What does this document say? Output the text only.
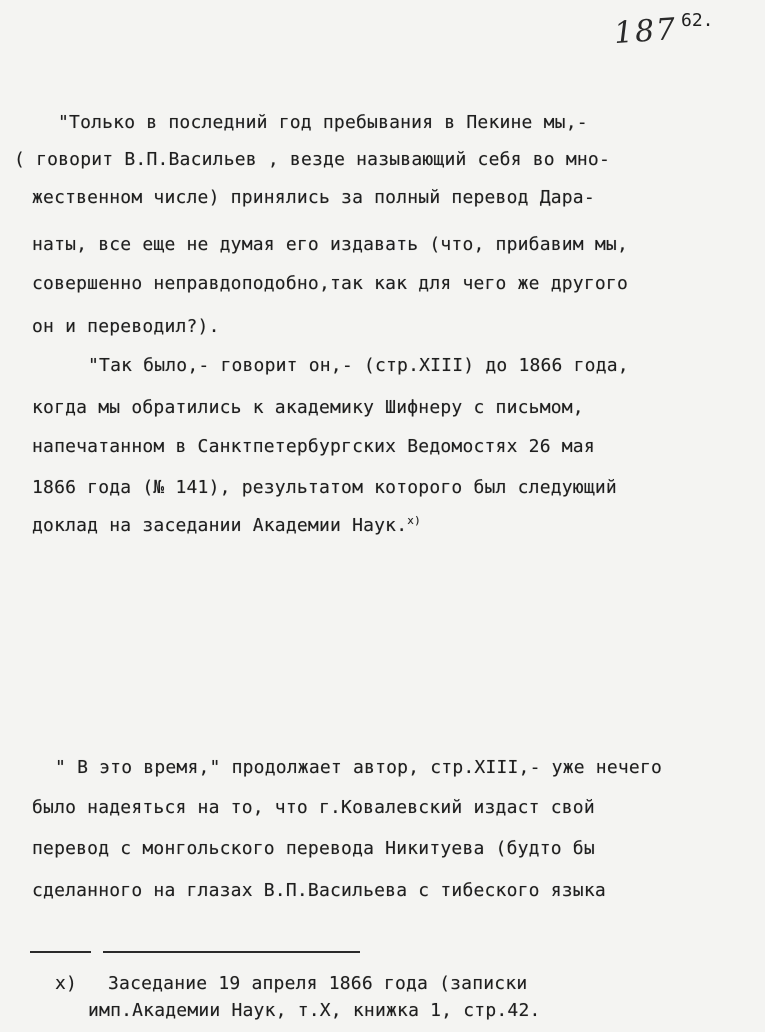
187 62.
"Только в последний год пребывания в Пекине мы,-
( говорит В.П.Васильев , везде называющий себя во мно-
жественном числе) принялись за полный перевод Дара-
наты, все еще не думая его издавать (что, прибавим мы,
совершенно неправдоподобно,так как для чего же другого
он и переводил?).
"Так было,- говорит он,- (стр.XIII) до 1866 года,
когда мы обратились к академику Шифнеру с письмом,
напечатанном в Санктпетербургских Ведомостях 26 мая
1866 года (№ 141), результатом которого был следующий
доклад на заседании Академии Наук.$^{x)}$
" В это время," продолжает автор, стр.XIII,- уже нечего
было надеяться на то, что г.Ковалевский издаст свой
перевод с монгольского перевода Никитуева (будто бы
сделанного на глазах В.П.Васильева с тибеского языка
x) Заседание 19 апреля 1866 года (записки
имп.Академии Наук, т.Х, книжка 1, стр.42.
